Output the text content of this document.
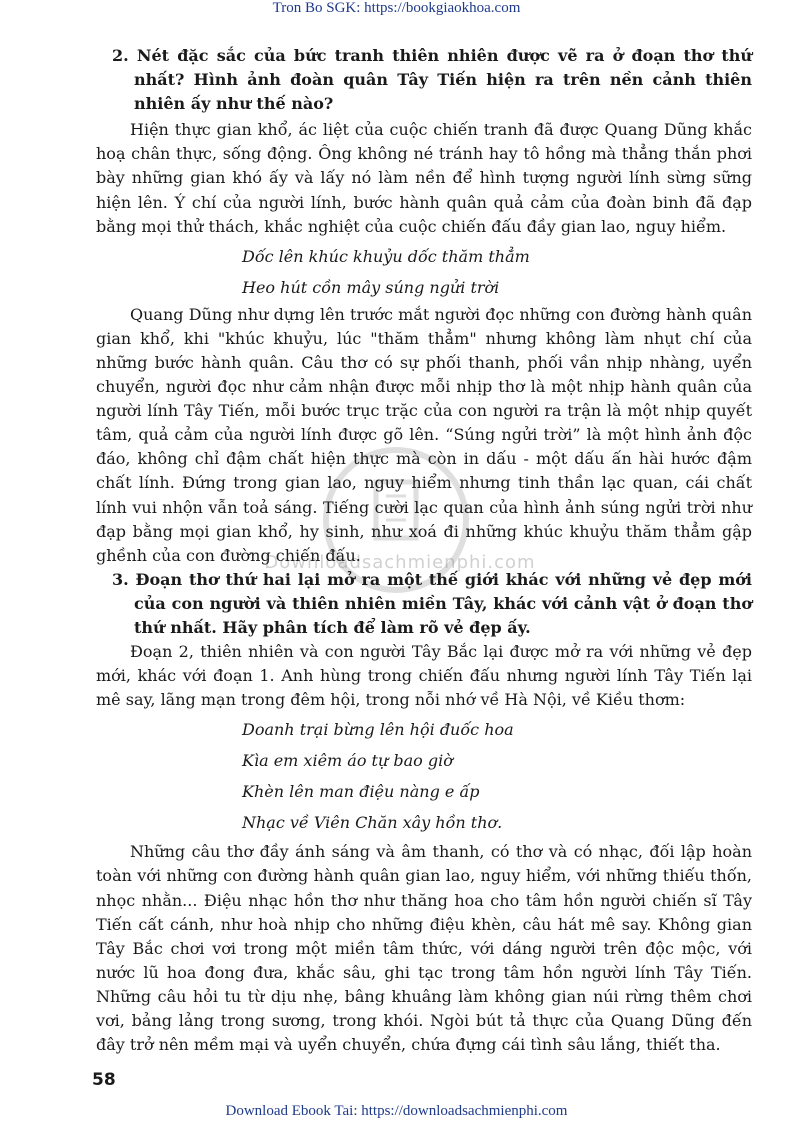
Tron Bo SGK: https://bookgiaokhoa.com
Downloadsachmienphi.com

2. Nét đặc sắc của bức tranh thiên nhiên được vẽ ra ở đoạn thơ thứ nhất? Hình ảnh đoàn quân Tây Tiến hiện ra trên nền cảnh thiên nhiên ấy như thế nào?

Hiện thực gian khổ, ác liệt của cuộc chiến tranh đã được Quang Dũng khắc hoạ chân thực, sống động. Ông không né tránh hay tô hồng mà thẳng thắn phơi bày những gian khó ấy và lấy nó làm nền để hình tượng người lính sừng sững hiện lên. Ý chí của người lính, bước hành quân quả cảm của đoàn binh đã đạp bằng mọi thử thách, khắc nghiệt của cuộc chiến đấu đầy gian lao, nguy hiểm.

Dốc lên khúc khuỷu dốc thăm thẳm

Heo hút cồn mây súng ngửi trời

Quang Dũng như dựng lên trước mắt người đọc những con đường hành quân gian khổ, khi "khúc khuỷu, lúc "thăm thẳm" nhưng không làm nhụt chí của những bước hành quân. Câu thơ có sự phối thanh, phối vần nhịp nhàng, uyển chuyển, người đọc như cảm nhận được mỗi nhịp thơ là một nhịp hành quân của người lính Tây Tiến, mỗi bước trục trặc của con người ra trận là một nhịp quyết tâm, quả cảm của người lính được gõ lên. “Súng ngửi trời” là một hình ảnh độc đáo, không chỉ đậm chất hiện thực mà còn in dấu - một dấu ấn hài hước đậm chất lính. Đứng trong gian lao, nguy hiểm nhưng tinh thần lạc quan, cái chất lính vui nhộn vẫn toả sáng. Tiếng cười lạc quan của hình ảnh súng ngửi trời như đạp bằng mọi gian khổ, hy sinh, như xoá đi những khúc khuỷu thăm thẳm gập ghềnh của con đường chiến đấu.

3. Đoạn thơ thứ hai lại mở ra một thế giới khác với những vẻ đẹp mới của con người và thiên nhiên miền Tây, khác với cảnh vật ở đoạn thơ thứ nhất. Hãy phân tích để làm rõ vẻ đẹp ấy.

Đoạn 2, thiên nhiên và con người Tây Bắc lại được mở ra với những vẻ đẹp mới, khác với đoạn 1. Anh hùng trong chiến đấu nhưng người lính Tây Tiến lại mê say, lãng mạn trong đêm hội, trong nỗi nhớ về Hà Nội, về Kiều thơm:

Doanh trại bừng lên hội đuốc hoa

Kìa em xiêm áo tự bao giờ

Khèn lên man điệu nàng e ấp

Nhạc về Viên Chăn xây hồn thơ.

Những câu thơ đầy ánh sáng và âm thanh, có thơ và có nhạc, đối lập hoàn toàn với những con đường hành quân gian lao, nguy hiểm, với những thiếu thốn, nhọc nhằn... Điệu nhạc hồn thơ như thăng hoa cho tâm hồn người chiến sĩ Tây Tiến cất cánh, như hoà nhịp cho những điệu khèn, câu hát mê say. Không gian Tây Bắc chơi vơi trong một miền tâm thức, với dáng người trên độc mộc, với nước lũ hoa đong đưa, khắc sâu, ghi tạc trong tâm hồn người lính Tây Tiến. Những câu hỏi tu từ dịu nhẹ, bâng khuâng làm không gian núi rừng thêm chơi vơi, bảng lảng trong sương, trong khói. Ngòi bút tả thực của Quang Dũng đến đây trở nên mềm mại và uyển chuyển, chứa đựng cái tình sâu lắng, thiết tha.

58
Download Ebook Tai: https://downloadsachmienphi.com
